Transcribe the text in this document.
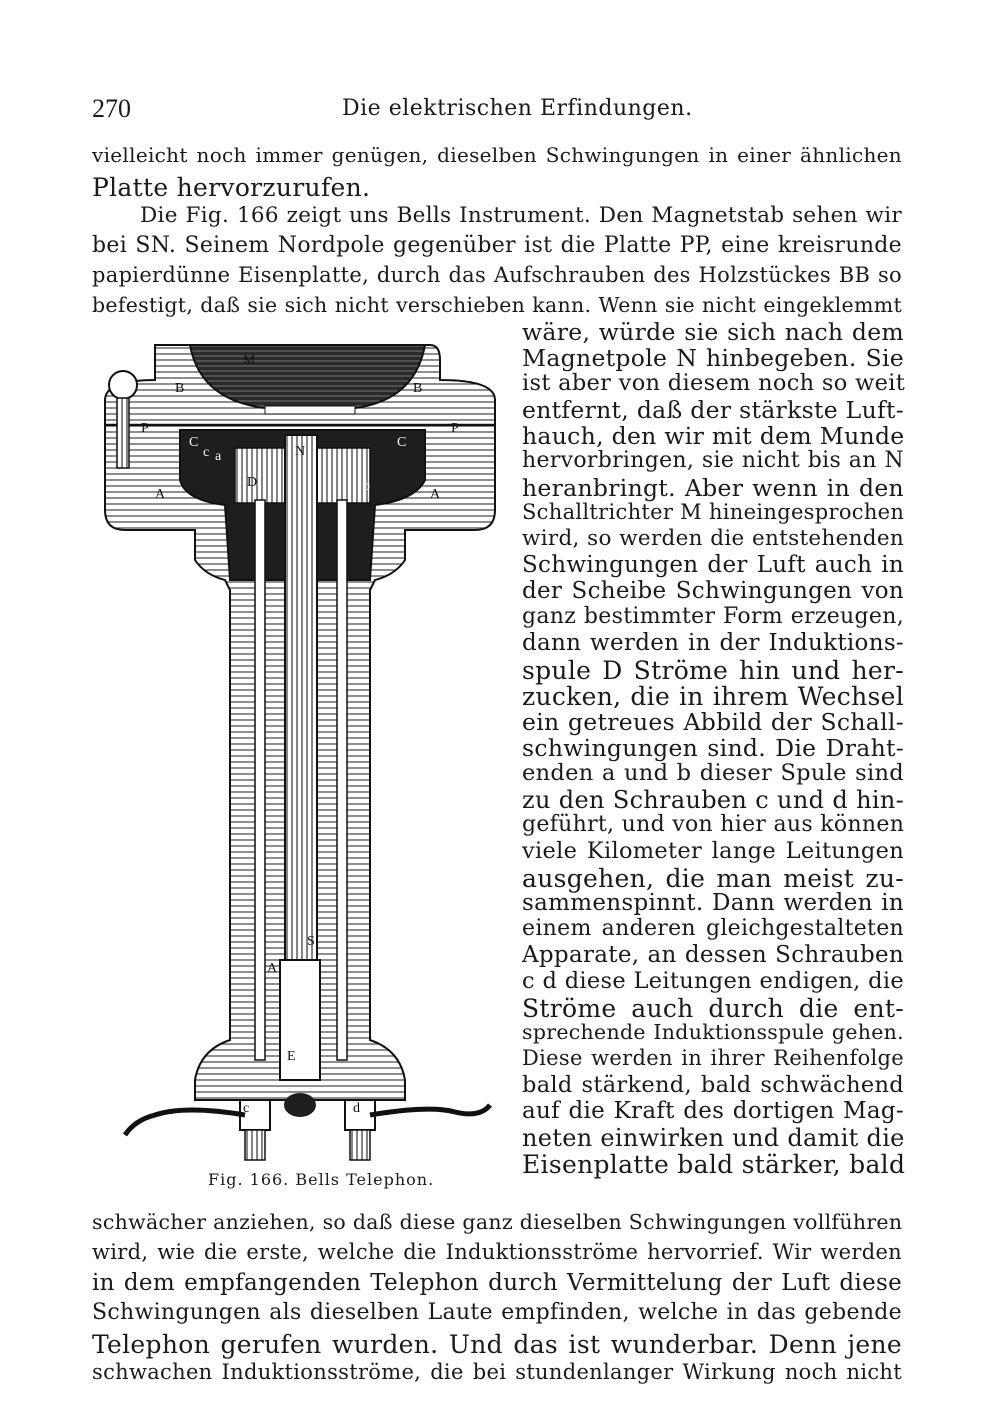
270	Die elektrischen Erfindungen.
vielleicht noch immer genügen, dieselben Schwingungen in einer ähnlichen
Platte hervorzurufen.
Die Fig. 166 zeigt uns Bells Instrument. Den Magnetstab sehen wir
bei SN. Seinem Nordpole gegenüber ist die Platte PP, eine kreisrunde
papierdünne Eisenplatte, durch das Aufschrauben des Holzstückes BB so
befestigt, daß sie sich nicht verschieben kann. Wenn sie nicht eingeklemmt
M
B	B
P	P
C	C
c a	N
D	b
A	A
S
A
E
c	d
Fig. 166. Bells Telephon.
wäre, würde sie sich nach dem
Magnetpole N hinbegeben. Sie
ist aber von diesem noch so weit
entfernt, daß der stärkste Luft-
hauch, den wir mit dem Munde
hervorbringen, sie nicht bis an N
heranbringt. Aber wenn in den
Schalltrichter M hineingesprochen
wird, so werden die entstehenden
Schwingungen der Luft auch in
der Scheibe Schwingungen von
ganz bestimmter Form erzeugen,
dann werden in der Induktions-
spule D Ströme hin und her-
zucken, die in ihrem Wechsel
ein getreues Abbild der Schall-
schwingungen sind. Die Draht-
enden a und b dieser Spule sind
zu den Schrauben c und d hin-
geführt, und von hier aus können
viele Kilometer lange Leitungen
ausgehen, die man meist zu-
sammenspinnt. Dann werden in
einem anderen gleichgestalteten
Apparate, an dessen Schrauben
c d diese Leitungen endigen, die
Ströme auch durch die ent-
sprechende Induktionsspule gehen.
Diese werden in ihrer Reihenfolge
bald stärkend, bald schwächend
auf die Kraft des dortigen Mag-
neten einwirken und damit die
Eisenplatte bald stärker, bald
schwächer anziehen, so daß diese ganz dieselben Schwingungen vollführen
wird, wie die erste, welche die Induktionsströme hervorrief. Wir werden
in dem empfangenden Telephon durch Vermittelung der Luft diese
Schwingungen als dieselben Laute empfinden, welche in das gebende
Telephon gerufen wurden. Und das ist wunderbar. Denn jene
schwachen Induktionsströme, die bei stundenlanger Wirkung noch nicht
